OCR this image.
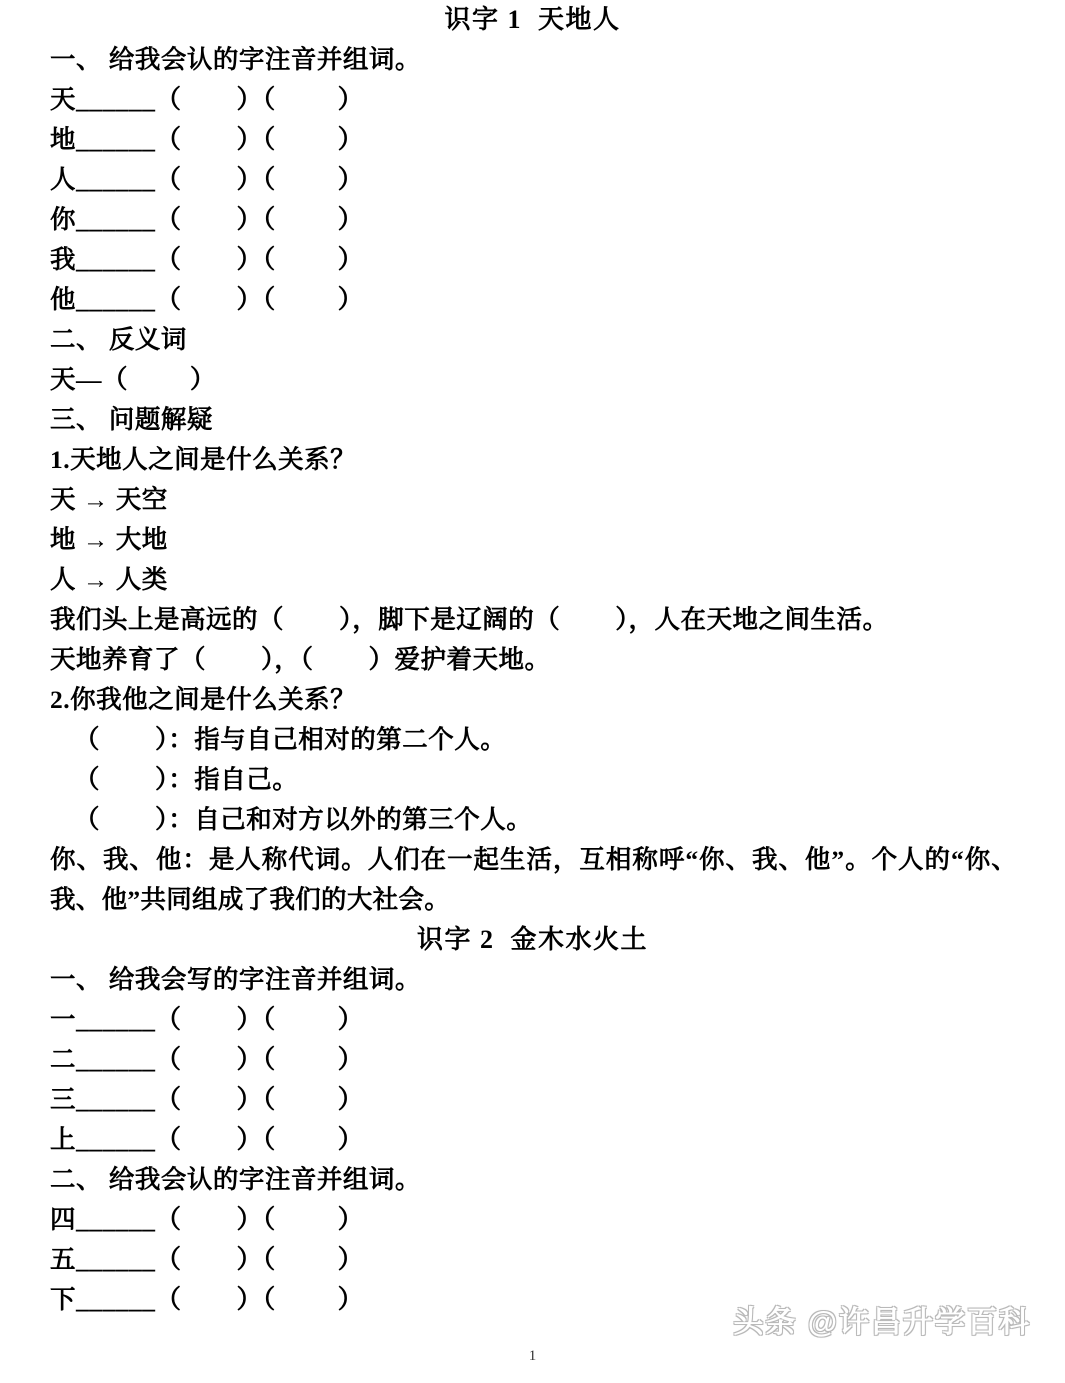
识字 1  天地人
一、 给我会认的字注音并组词。
天______（        ）（         ）
地______（        ）（         ）
人______（        ）（         ）
你______（        ）（         ）
我______（        ）（         ）
他______（        ）（         ）
二、 反义词
天—（         ）
三、 问题解疑
1.天地人之间是什么关系？
天 → 天空
地 → 大地
人 → 人类
我们头上是高远的（        ），脚下是辽阔的（        ），人在天地之间生活。
天地养育了（        ），（        ）爱护着天地。
2.你我他之间是什么关系？
（        ）：指与自己相对的第二个人。
（        ）：指自己。
（        ）：自己和对方以外的第三个人。
你、我、他：是人称代词。人们在一起生活，互相称呼“你、我、他”。个人的“你、我、他”共同组成了我们的大社会。
识字 2  金木水火土
一、 给我会写的字注音并组词。
一______（        ）（         ）
二______（        ）（         ）
三______（        ）（         ）
上______（        ）（         ）
二、 给我会认的字注音并组词。
四______（        ）（         ）
五______（        ）（         ）
下______（        ）（         ）
头条 @许昌升学百科
1
